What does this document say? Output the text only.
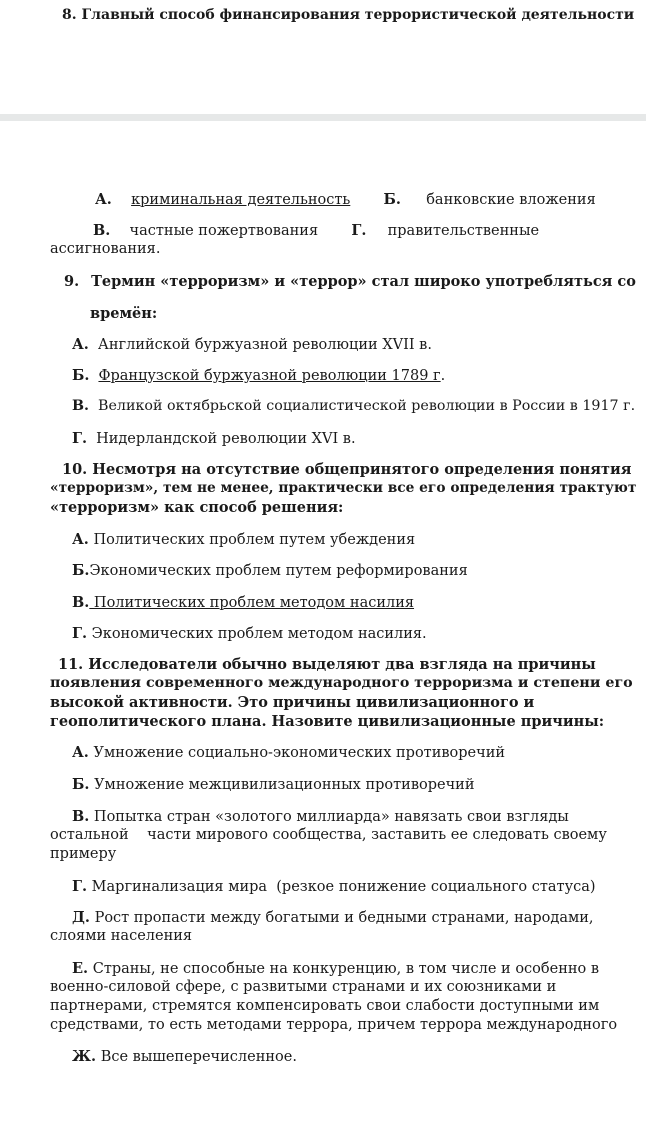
8. Главный способ финансирования террористической деятельности
А. криминальная деятельность Б. банковские вложения
В. частные пожертвования Г. правительственные
ассигнования.
9. Термин «терроризм» и «террор» стал широко употребляться со
времён:
А. Английской буржуазной революции XVII в.
Б. Французской буржуазной революции 1789 г.
В. Великой октябрьской социалистической революции в России в 1917 г.
Г. Нидерландской революции XVI в.
10. Несмотря на отсутствие общепринятого определения понятия
«терроризм», тем не менее, практически все его определения трактуют
«терроризм» как способ решения:
А. Политических проблем путем убеждения
Б.Экономических проблем путем реформирования
В. Политических проблем методом насилия
Г. Экономических проблем методом насилия.
11. Исследователи обычно выделяют два взгляда на причины
появления современного международного терроризма и степени его
высокой активности. Это причины цивилизационного и
геополитического плана. Назовите цивилизационные причины:
А. Умножение социально-экономических противоречий
Б. Умножение межцивилизационных противоречий
В. Попытка стран «золотого миллиарда» навязать свои взгляды
остальной    части мирового сообщества, заставить ее следовать своему
примеру
Г. Маргинализация мира  (резкое понижение социального статуса)
Д. Рост пропасти между богатыми и бедными странами, народами,
слоями населения
Е. Страны, не способные на конкуренцию, в том числе и особенно в
военно-силовой сфере, с развитыми странами и их союзниками и
партнерами, стремятся компенсировать свои слабости доступными им
средствами, то есть методами террора, причем террора международного
Ж. Все вышеперечисленное.
